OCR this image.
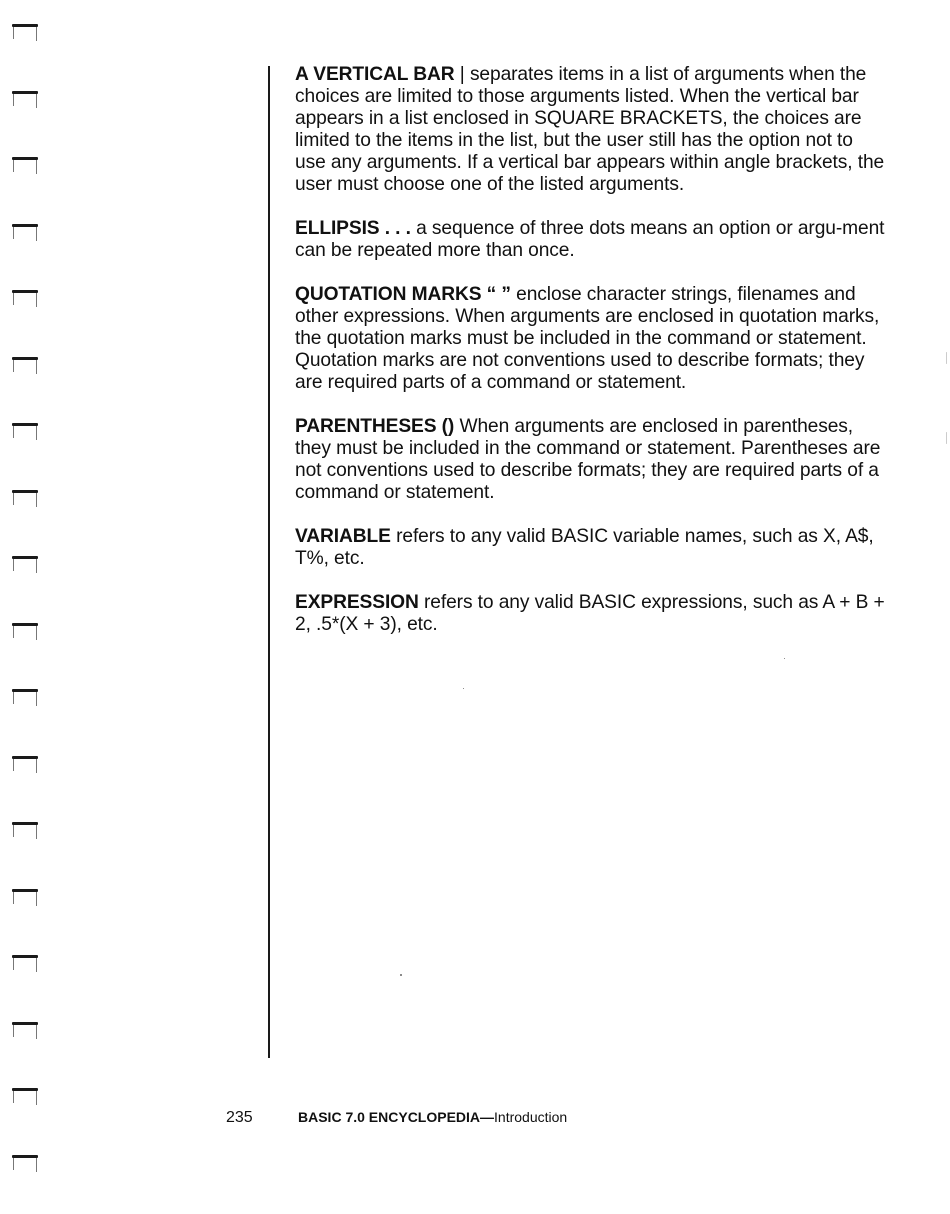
A VERTICAL BAR | separates items in a list of arguments when the choices are limited to those arguments listed. When the vertical bar appears in a list enclosed in SQUARE BRACKETS, the choices are limited to the items in the list, but the user still has the option not to use any arguments. If a vertical bar appears within angle brackets, the user must choose one of the listed arguments.

ELLIPSIS . . . a sequence of three dots means an option or argu-ment can be repeated more than once.

QUOTATION MARKS “ ” enclose character strings, filenames and other expressions. When arguments are enclosed in quotation marks, the quotation marks must be included in the command or statement. Quotation marks are not conventions used to describe formats; they are required parts of a command or statement.

PARENTHESES () When arguments are enclosed in parentheses, they must be included in the command or statement. Parentheses are not conventions used to describe formats; they are required parts of a command or statement.

VARIABLE refers to any valid BASIC variable names, such as X, A$, T%, etc.

EXPRESSION refers to any valid BASIC expressions, such as A + B + 2, .5*(X + 3), etc.

235	BASIC 7.0 ENCYCLOPEDIA—Introduction
